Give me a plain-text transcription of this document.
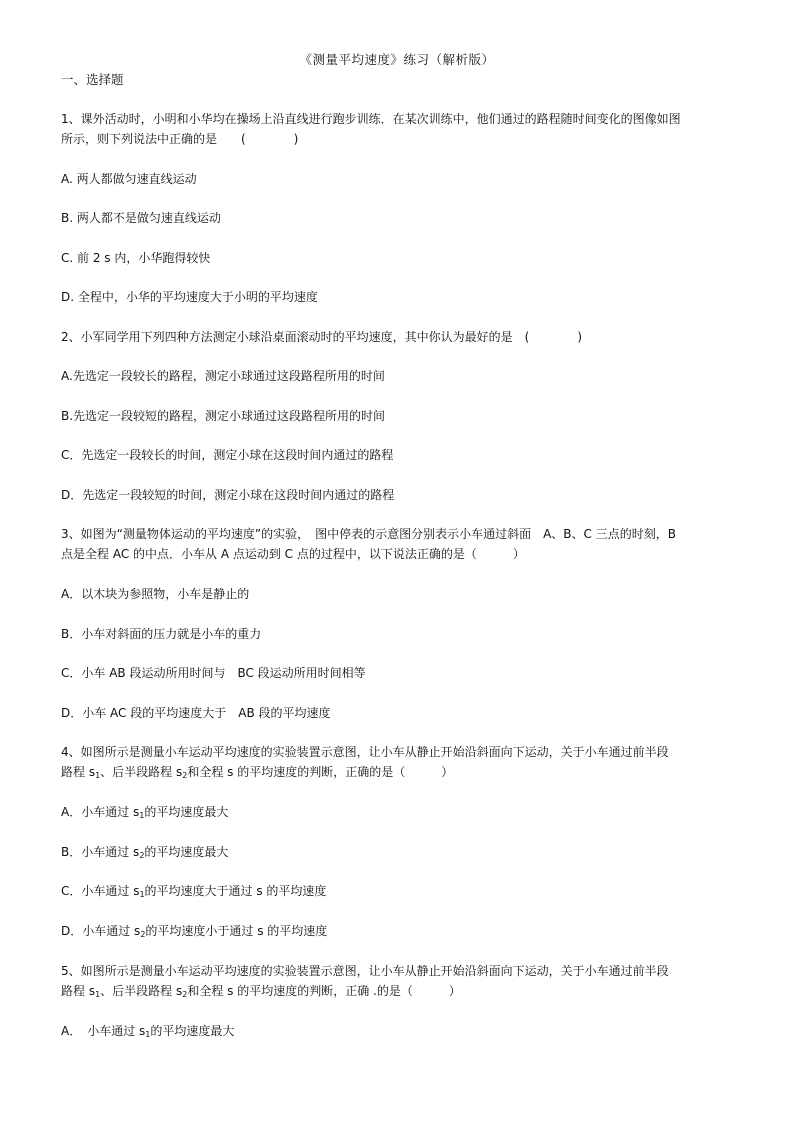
《测量平均速度》练习（解析版）
一、选择题
1、课外活动时，小明和小华均在操场上沿直线进行跑步训练．在某次训练中，他们通过的路程随时间变化的图像如图
所示，则下列说法中正确的是　　(　　　　)
A. 两人都做匀速直线运动
B. 两人都不是做匀速直线运动
C. 前 2 s 内，小华跑得较快
D. 全程中，小华的平均速度大于小明的平均速度
2、小军同学用下列四种方法测定小球沿桌面滚动时的平均速度，其中你认为最好的是　(　　　　)
A.先选定一段较长的路程，测定小球通过这段路程所用的时间
B.先选定一段较短的路程，测定小球通过这段路程所用的时间
C．先选定一段较长的时间，测定小球在这段时间内通过的路程
D．先选定一段较短的时间，测定小球在这段时间内通过的路程
3、如图为“测量物体运动的平均速度”的实验，　图中停表的示意图分别表示小车通过斜面　A、B、C 三点的时刻，B
点是全程 AC 的中点．小车从 A 点运动到 C 点的过程中，以下说法正确的是（　　　）
A．以木块为参照物，小车是静止的
B．小车对斜面的压力就是小车的重力
C．小车 AB 段运动所用时间与　BC 段运动所用时间相等
D．小车 AC 段的平均速度大于　AB 段的平均速度
4、如图所示是测量小车运动平均速度的实验装置示意图，让小车从静止开始沿斜面向下运动，关于小车通过前半段
路程 $s_1$、后半段路程 $s_2$和全程 s 的平均速度的判断，正确的是（　　　）
A．小车通过 $s_1$的平均速度最大
B．小车通过 $s_2$的平均速度最大
C．小车通过 $s_1$的平均速度大于通过 s 的平均速度
D．小车通过 $s_2$的平均速度小于通过 s 的平均速度
5、如图所示是测量小车运动平均速度的实验装置示意图，让小车从静止开始沿斜面向下运动，关于小车通过前半段
路程 $s_1$、后半段路程 $s_2$和全程 s 的平均速度的判断，正确 .的是（　　　）
A．　小车通过 $s_1$的平均速度最大
